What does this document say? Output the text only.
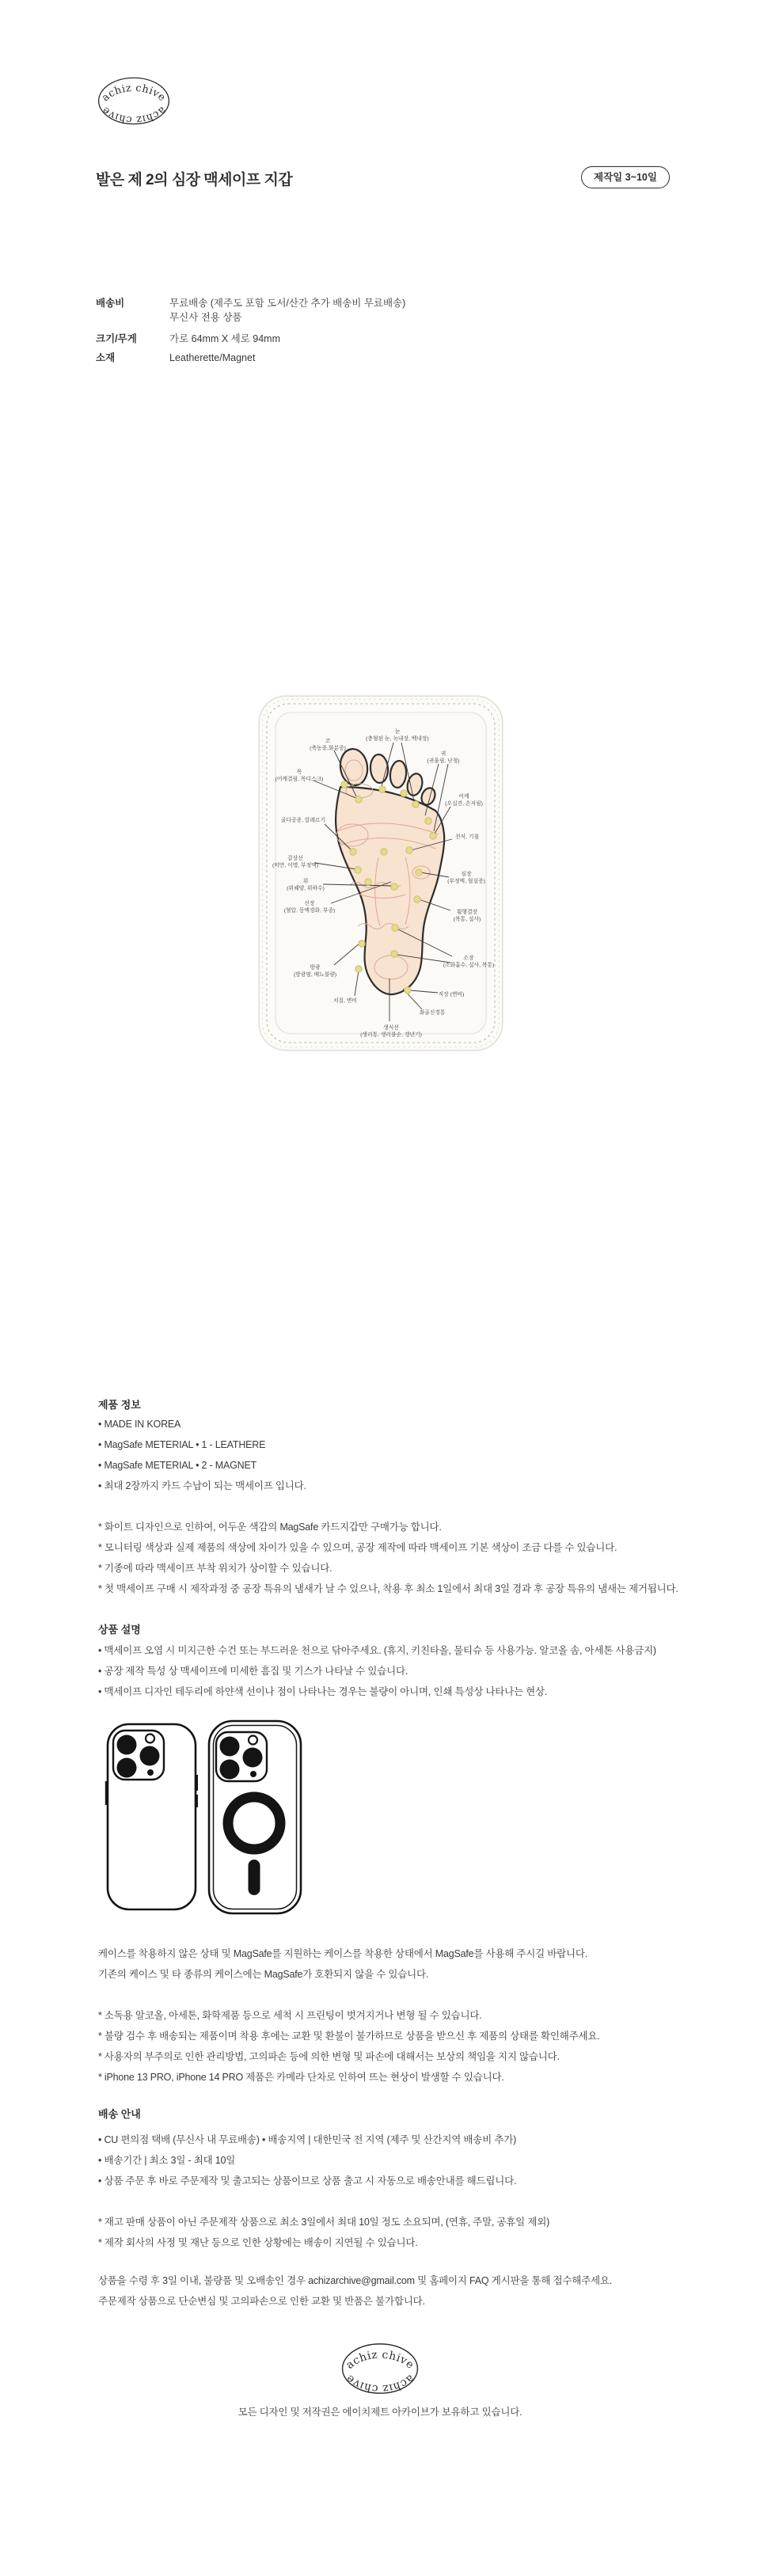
achiz chive
achiz chive
발은 제 2의 심장 맥세이프 지갑	제작일 3~10일
배송비	무료배송 (제주도 포함 도서/산간 추가 배송비 무료배송)
무신사 전용 상품
크기/무게	가로 64mm X 세로 94mm
소재	Leatherette/Magnet
코 (축농증,화분증)
눈 (충혈된 눈, 녹내장, 백내장)
귀 (귀울림, 난청)
목 (어깨결림, 목디스크)
어깨 (오십견, 손저림)
골다공증, 알레르기
천식, 기침
갑상선 (비만, 이명, 부정맥)
심장 (부정맥, 협심증)
위 (위궤양, 위하수)
신장 (혈압, 동맥경화, 부종)	횡행결장 (복통, 설사)
소장 (소화흡수, 설사, 복통)
방광 (방광염, 배뇨불량)
치질, 변비
직장 (변비)
좌골신경통
생식선 (생리통, 생리불순, 갱년기)
제품 정보
• MADE IN KOREA
• MagSafe METERIAL • 1 - LEATHERE
• MagSafe METERIAL • 2 - MAGNET
• 최대 2장까지 카드 수납이 되는 맥세이프 입니다.
* 화이트 디자인으로 인하여, 어두운 색감의 MagSafe 카드지갑만 구매가능 합니다.
* 모니터링 색상과 실제 제품의 색상에 차이가 있을 수 있으며, 공장 제작에 따라 맥세이프 기본 색상이 조금 다를 수 있습니다.
* 기종에 따라 맥세이프 부착 위치가 상이할 수 있습니다.
* 첫 맥세이프 구매 시 제작과정 중 공장 특유의 냄새가 날 수 있으나, 착용 후 최소 1일에서 최대 3일 경과 후 공장 특유의 냄새는 제거됩니다.
상품 설명
• 맥세이프 오염 시 미지근한 수건 또는 부드러운 천으로 닦아주세요. (휴지, 키친타올, 물티슈 등 사용가능. 알코올 솜, 아세톤 사용금지)
• 공장 제작 특성 상 맥세이프에 미세한 흠집 및 기스가 나타날 수 있습니다.
• 맥세이프 디자인 테두리에 하얀색 선이나 점이 나타나는 경우는 불량이 아니며, 인쇄 특성상 나타나는 현상.
케이스를 착용하지 않은 상태 및 MagSafe를 지원하는 케이스를 착용한 상태에서 MagSafe를 사용해 주시길 바랍니다.
기존의 케이스 및 타 종류의 케이스에는 MagSafe가 호환되지 않을 수 있습니다.
* 소독용 알코올, 아세톤, 화학제품 등으로 세척 시 프린팅이 벗겨지거나 변형 될 수 있습니다.
* 불량 검수 후 배송되는 제품이며 착용 후에는 교환 및 환불이 불가하므로 상품을 받으신 후 제품의 상태를 확인해주세요.
* 사용자의 부주의로 인한 관리방법, 고의파손 등에 의한 변형 및 파손에 대해서는 보상의 책임을 지지 않습니다.
* iPhone 13 PRO, iPhone 14 PRO 제품은 카메라 단차로 인하여 뜨는 현상이 발생할 수 있습니다.
배송 안내
• CU 편의점 택배 (무신사 내 무료배송) • 배송지역 | 대한민국 전 지역 (제주 및 산간지역 배송비 추가)
• 배송기간 | 최소 3일 - 최대 10일
• 상품 주문 후 바로 주문제작 및 출고되는 상품이므로 상품 출고 시 자동으로 배송안내를 해드립니다.
* 재고 판매 상품이 아닌 주문제작 상품으로 최소 3일에서 최대 10일 정도 소요되며, (연휴, 주말, 공휴일 제외)
* 제작 회사의 사정 및 재난 등으로 인한 상황에는 배송이 지연될 수 있습니다.
상품을 수령 후 3일 이내, 불량품 및 오배송인 경우 achizarchive@gmail.com 및 홈페이지 FAQ 게시판을 통해 접수해주세요.
주문제작 상품으로 단순변심 및 고의파손으로 인한 교환 및 반품은 불가합니다.
achiz chive
achiz chive
모든 디자인 및 저작권은 에이치제트 아카이브가 보유하고 있습니다.
